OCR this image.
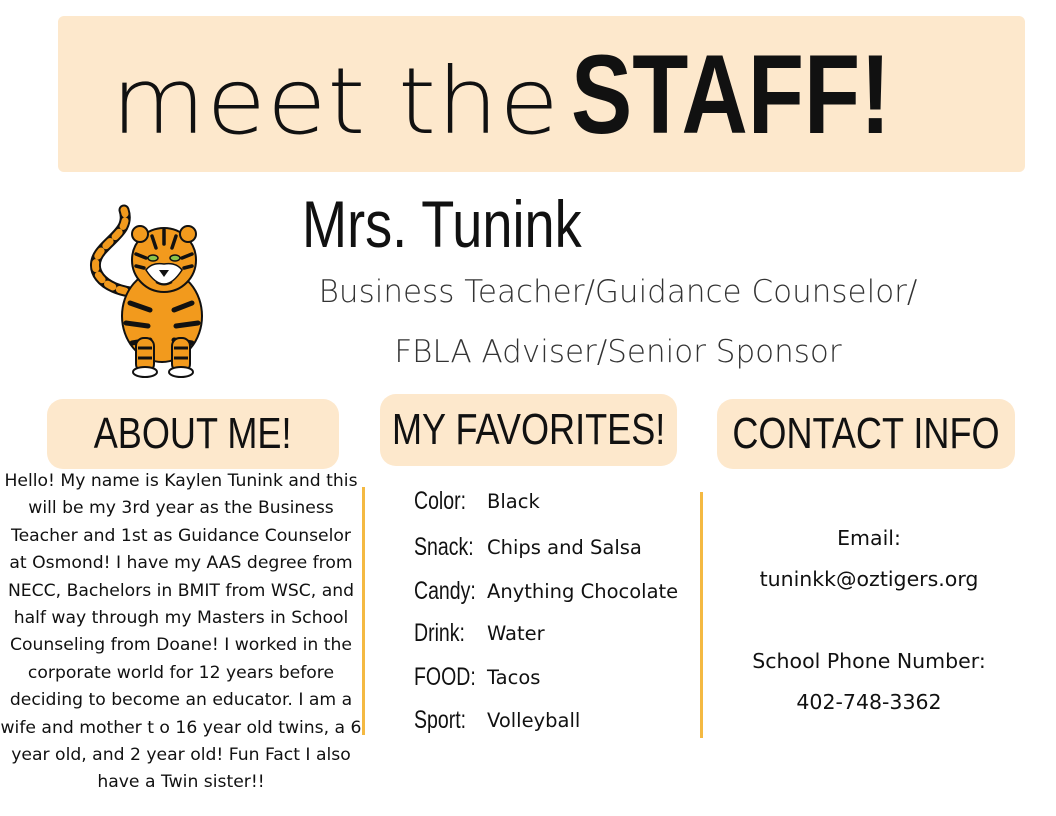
meet the STAFF!
Mrs. Tunink
Business Teacher/Guidance Counselor/
FBLA Adviser/Senior Sponsor
ABOUT ME! MY FAVORITES! CONTACT INFO
Hello! My name is Kaylen Tunink and this will be my 3rd year as the Business Teacher and 1st as Guidance Counselor at Osmond! I have my AAS degree from NECC, Bachelors in BMIT from WSC, and half way through my Masters in School Counseling from Doane! I worked in the corporate world for 12 years before deciding to become an educator. I am a wife and mother t o 16 year old twins, a 6 year old, and 2 year old! Fun Fact I also have a Twin sister!!
Color: Black
Snack: Chips and Salsa
Candy: Anything Chocolate
Drink:	Water
FOOD: Tacos
Sport: Volleyball
Email:
tuninkk@oztigers.org
School Phone Number:
402-748-3362
